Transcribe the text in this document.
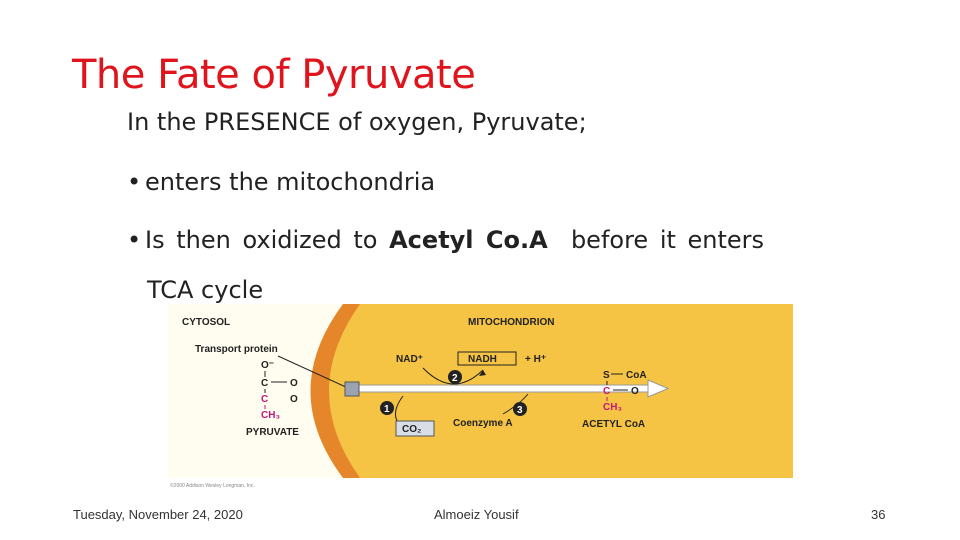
The Fate of Pyruvate
In the PRESENCE of oxygen, Pyruvate;
• enters the mitochondria
• Is then oxidized to Acetyl Co.A  before it enters
TCA cycle
CYTOSOL	MITOCHONDRION
Transport protein
O⁻
C O
C O
CH₃
PYRUVATE
NAD⁺	NADH	+ H⁺
CO₂
Coenzyme A
1
2
3
S CoA
C O
CH₃
ACETYL CoA
©2000 Addison Wesley Longman, Inc.
Tuesday, November 24, 2020	Almoeiz Yousif	36
